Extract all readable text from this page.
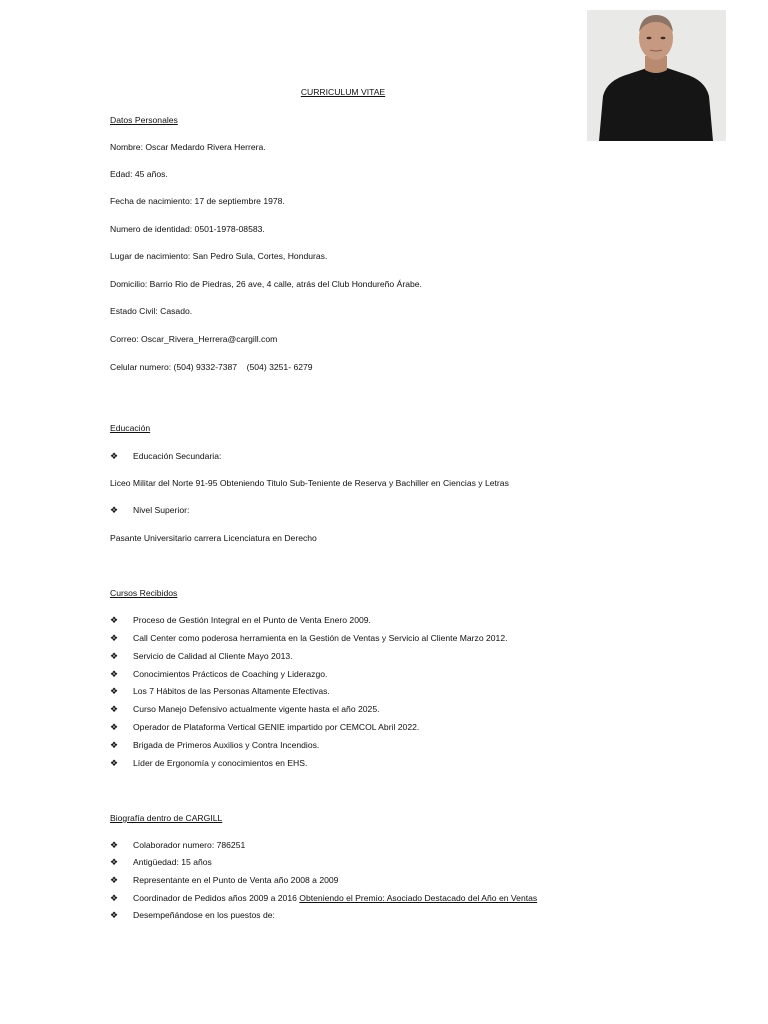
CURRICULUM VITAE
Datos Personales
Nombre: Oscar Medardo Rivera Herrera.
Edad: 45 años.
Fecha de nacimiento: 17 de septiembre 1978.
Numero de identidad: 0501-1978-08583.
Lugar de nacimiento: San Pedro Sula, Cortes, Honduras.
Domicilio: Barrio Rio de Piedras, 26 ave, 4 calle, atrás del Club Hondureño Árabe.
Estado Civil: Casado.
Correo: Oscar_Rivera_Herrera@cargill.com
Celular numero: (504) 9332-7387    (504) 3251- 6279
Educación
❖ Educación Secundaria:
Liceo Militar del Norte 91-95 Obteniendo Titulo Sub-Teniente de Reserva y Bachiller en Ciencias y Letras
❖ Nivel Superior:
Pasante Universitario carrera Licenciatura en Derecho
Cursos Recibidos
❖ Proceso de Gestión Integral en el Punto de Venta Enero 2009.
❖ Call Center como poderosa herramienta en la Gestión de Ventas y Servicio al Cliente Marzo 2012.
❖ Servicio de Calidad al Cliente Mayo 2013.
❖ Conocimientos Prácticos de Coaching y Liderazgo.
❖ Los 7 Hábitos de las Personas Altamente Efectivas.
❖ Curso Manejo Defensivo actualmente vigente hasta el año 2025.
❖ Operador de Plataforma Vertical GENIE impartido por CEMCOL Abril 2022.
❖ Brigada de Primeros Auxilios y Contra Incendios.
❖ Líder de Ergonomía y conocimientos en EHS.
Biografía dentro de CARGILL
❖ Colaborador numero: 786251
❖ Antigüedad: 15 años
❖ Representante en el Punto de Venta año 2008 a 2009
❖ Coordinador de Pedidos años 2009 a 2016 Obteniendo el Premio: Asociado Destacado del Año en Ventas
❖ Desempeñándose en los puestos de:
